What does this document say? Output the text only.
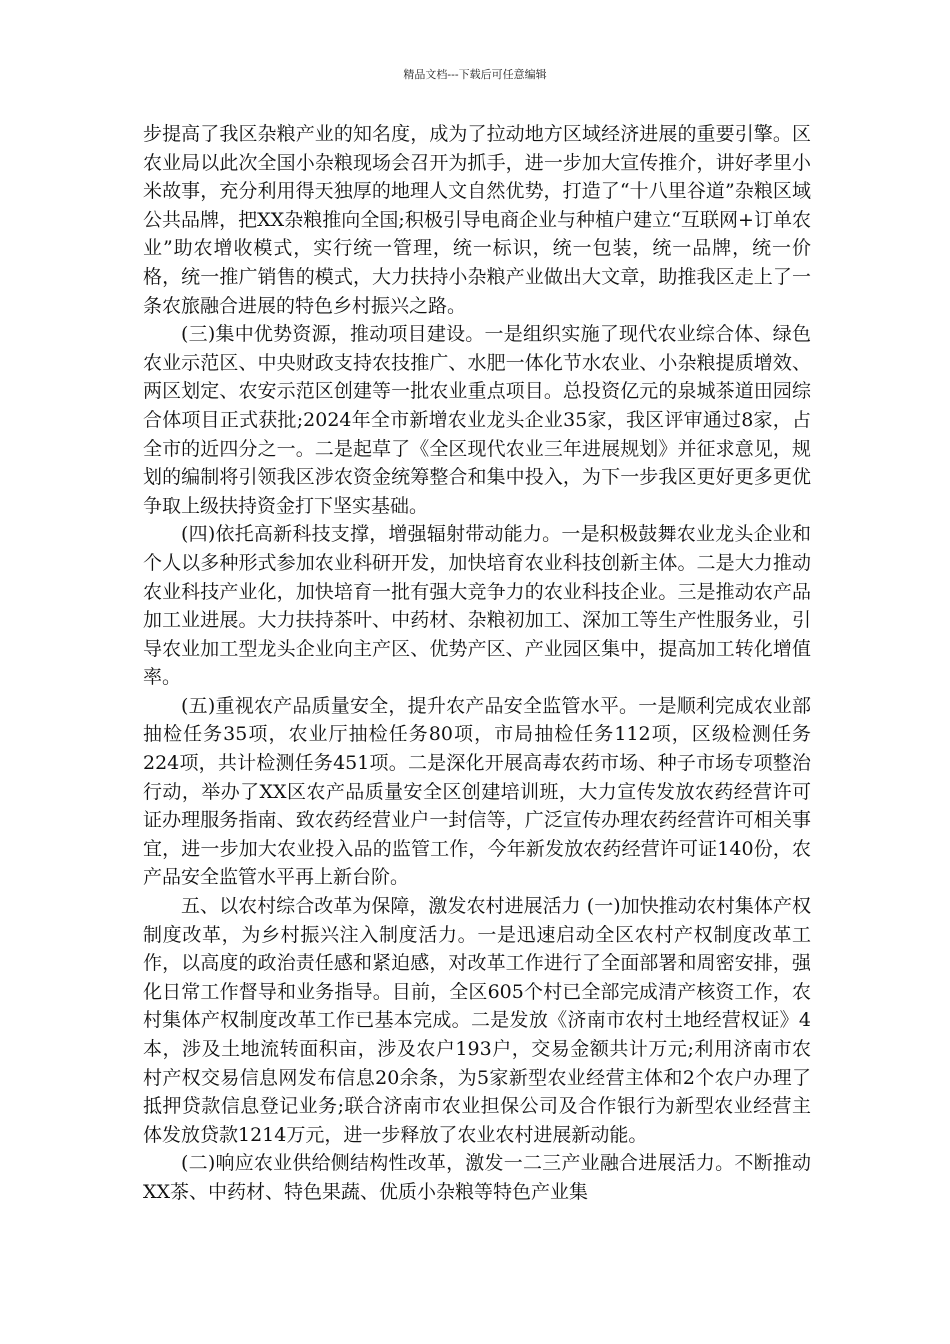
精品文档---下载后可任意编辑

步提高了我区杂粮产业的知名度，成为了拉动地方区域经济进展的重要引擎。区农业局以此次全国小杂粮现场会召开为抓手，进一步加大宣传推介，讲好孝里小米故事，充分利用得天独厚的地理人文自然优势，打造了“十八里谷道”杂粮区域公共品牌，把XX杂粮推向全国;积极引导电商企业与种植户建立“互联网+订单农业”助农增收模式，实行统一管理，统一标识，统一包装，统一品牌，统一价格，统一推广销售的模式，大力扶持小杂粮产业做出大文章，助推我区走上了一条农旅融合进展的特色乡村振兴之路。

(三)集中优势资源，推动项目建设。一是组织实施了现代农业综合体、绿色农业示范区、中央财政支持农技推广、水肥一体化节水农业、小杂粮提质增效、两区划定、农安示范区创建等一批农业重点项目。总投资亿元的泉城茶道田园综合体项目正式获批;2024年全市新增农业龙头企业35家，我区评审通过8家，占全市的近四分之一。二是起草了《全区现代农业三年进展规划》并征求意见，规划的编制将引领我区涉农资金统筹整合和集中投入，为下一步我区更好更多更优争取上级扶持资金打下坚实基础。

(四)依托高新科技支撑，增强辐射带动能力。一是积极鼓舞农业龙头企业和个人以多种形式参加农业科研开发，加快培育农业科技创新主体。二是大力推动农业科技产业化，加快培育一批有强大竞争力的农业科技企业。三是推动农产品加工业进展。大力扶持茶叶、中药材、杂粮初加工、深加工等生产性服务业，引导农业加工型龙头企业向主产区、优势产区、产业园区集中，提高加工转化增值率。

(五)重视农产品质量安全，提升农产品安全监管水平。一是顺利完成农业部抽检任务35项，农业厅抽检任务80项，市局抽检任务112项，区级检测任务224项，共计检测任务451项。二是深化开展高毒农药市场、种子市场专项整治行动，举办了XX区农产品质量安全区创建培训班，大力宣传发放农药经营许可证办理服务指南、致农药经营业户一封信等，广泛宣传办理农药经营许可相关事宜，进一步加大农业投入品的监管工作，今年新发放农药经营许可证140份，农产品安全监管水平再上新台阶。

五、以农村综合改革为保障，激发农村进展活力 (一)加快推动农村集体产权制度改革，为乡村振兴注入制度活力。一是迅速启动全区农村产权制度改革工作，以高度的政治责任感和紧迫感，对改革工作进行了全面部署和周密安排，强化日常工作督导和业务指导。目前，全区605个村已全部完成清产核资工作，农村集体产权制度改革工作已基本完成。二是发放《济南市农村土地经营权证》4本，涉及土地流转面积亩，涉及农户193户，交易金额共计万元;利用济南市农村产权交易信息网发布信息20余条，为5家新型农业经营主体和2个农户办理了抵押贷款信息登记业务;联合济南市农业担保公司及合作银行为新型农业经营主体发放贷款1214万元，进一步释放了农业农村进展新动能。

(二)响应农业供给侧结构性改革，激发一二三产业融合进展活力。不断推动XX茶、中药材、特色果蔬、优质小杂粮等特色产业集
